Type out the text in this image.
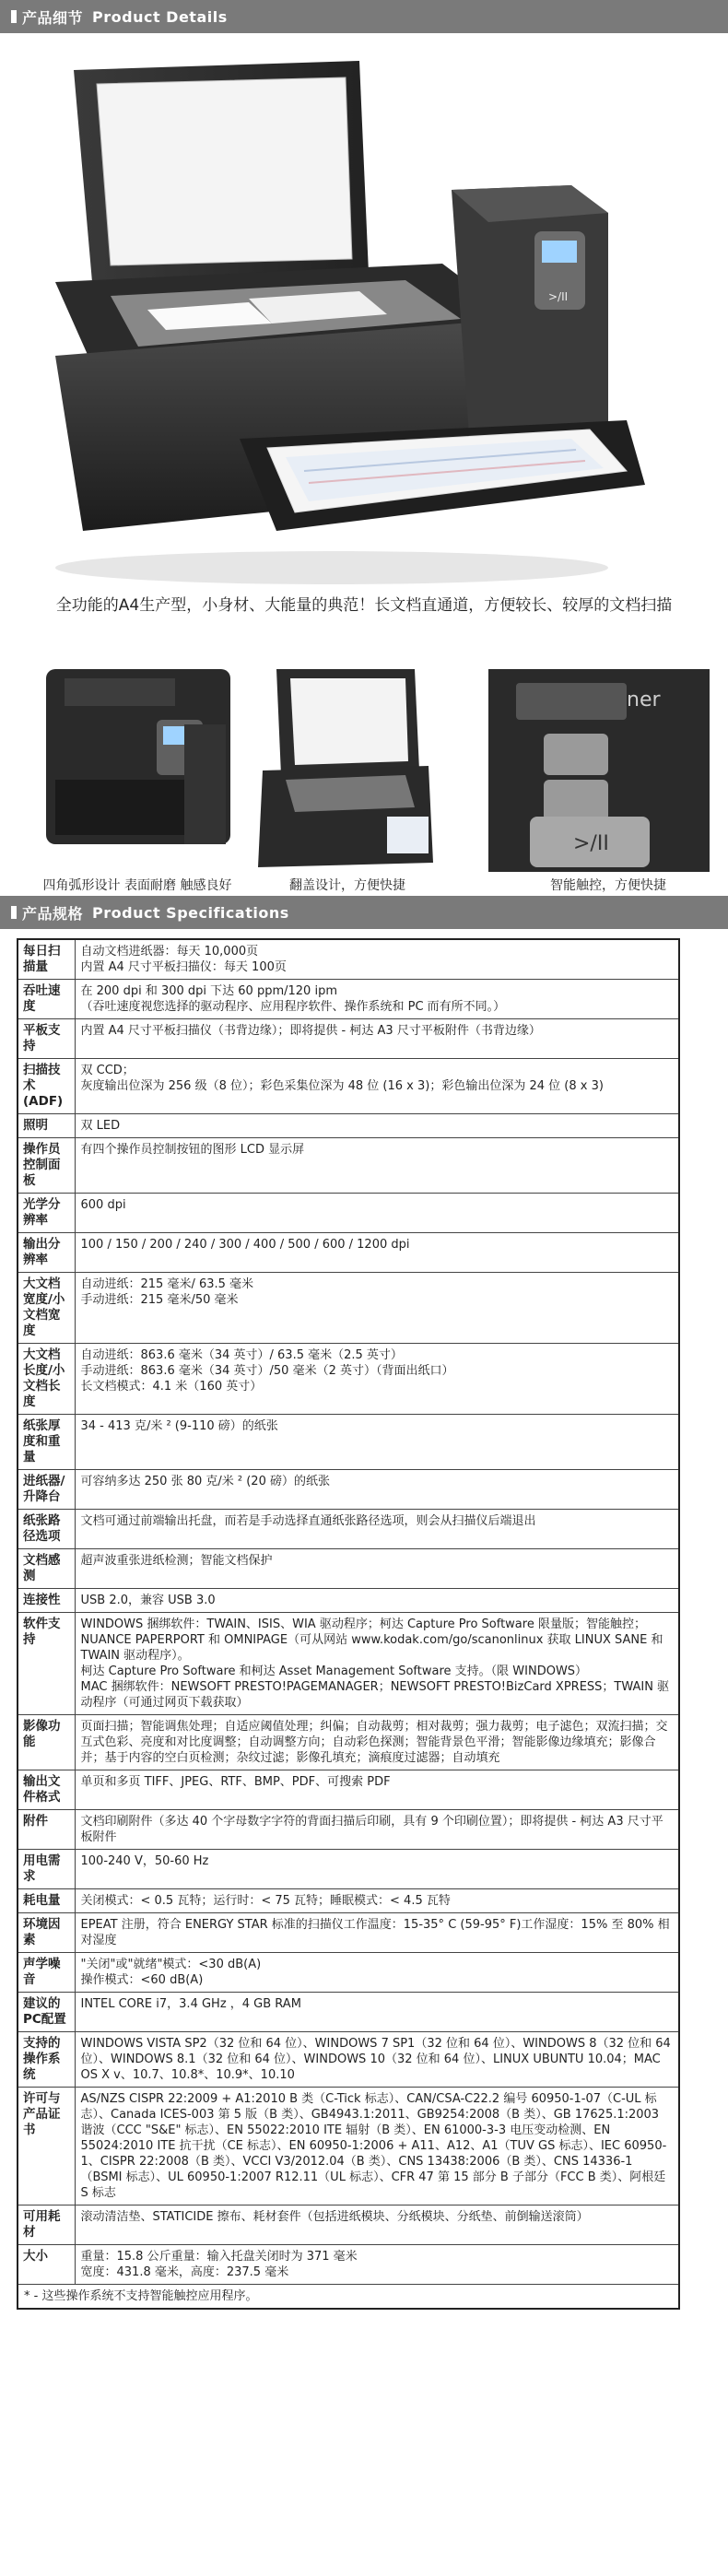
产品细节 Product Details
>/II
全功能的A4生产型，小身材、大能量的典范！长文档直通道，方便较长、较厚的文档扫描
四角弧形设计 表面耐磨 触感良好	翻盖设计，方便快捷
ner
>/II
智能触控，方便快捷
产品规格 Product Specifications
每日扫描量	自动文档进纸器：每天 10,000页
内置 A4 尺寸平板扫描仪：每天 100页

吞吐速度	在 200 dpi 和 300 dpi 下达 60 ppm/120 ipm
（吞吐速度视您选择的驱动程序、应用程序软件、操作系统和 PC 而有所不同。）

平板支持	内置 A4 尺寸平板扫描仪（书背边缘）；即将提供 - 柯达 A3 尺寸平板附件（书背边缘）

扫描技术 (ADF)	双 CCD；
灰度输出位深为 256 级（8 位）；彩色采集位深为 48 位 (16 x 3)；彩色输出位深为 24 位 (8 x 3)

照明	双 LED

操作员控制面板	有四个操作员控制按钮的图形 LCD 显示屏

光学分辨率	600 dpi

输出分辨率	100 / 150 / 200 / 240 / 300 / 400 / 500 / 600 / 1200 dpi

大文档宽度/小文档宽度	自动进纸：215 毫米/ 63.5 毫米
手动进纸：215 毫米/50 毫米

大文档长度/小文档长度	自动进纸：863.6 毫米（34 英寸）/ 63.5 毫米（2.5 英寸）
手动进纸：863.6 毫米（34 英寸）/50 毫米（2 英寸）（背面出纸口）
长文档模式：4.1 米（160 英寸）

纸张厚度和重量	34 - 413 克/米 ² (9-110 磅）的纸张

进纸器/升降台	可容纳多达 250 张 80 克/米 ² (20 磅）的纸张

纸张路径选项	文档可通过前端输出托盘，而若是手动选择直通纸张路径选项，则会从扫描仪后端退出

文档感测	超声波重张进纸检测；智能文档保护

连接性	USB 2.0，兼容 USB 3.0

软件支持	WINDOWS 捆绑软件：TWAIN、ISIS、WIA 驱动程序；柯达 Capture Pro Software 限量版；智能触控；NUANCE PAPERPORT 和 OMNIPAGE（可从网站 www.kodak.com/go/scanonlinux 获取 LINUX SANE 和 TWAIN 驱动程序）。
柯达 Capture Pro Software 和柯达 Asset Management Software 支持。（限 WINDOWS）
MAC 捆绑软件：NEWSOFT PRESTO!PAGEMANAGER；NEWSOFT PRESTO!BizCard XPRESS；TWAIN 驱动程序（可通过网页下载获取）

影像功能	页面扫描；智能调焦处理；自适应阈值处理；纠偏；自动裁剪；相对裁剪；强力裁剪；电子滤色；双流扫描；交互式色彩、亮度和对比度调整；自动调整方向；自动彩色探测；智能背景色平滑；智能影像边缘填充；影像合并；基于内容的空白页检测；杂纹过滤；影像孔填充；滴痕度过滤器；自动填充

输出文件格式	单页和多页 TIFF、JPEG、RTF、BMP、PDF、可搜索 PDF

附件	文档印刷附件（多达 40 个字母数字字符的背面扫描后印刷，具有 9 个印刷位置）；即将提供 - 柯达 A3 尺寸平板附件

用电需求	100-240 V，50-60 Hz

耗电量	关闭模式：< 0.5 瓦特；运行时：< 75 瓦特；睡眠模式：< 4.5 瓦特

环境因素	EPEAT 注册，符合 ENERGY STAR 标准的扫描仪工作温度：15-35° C (59-95° F)工作湿度：15% 至 80% 相对湿度

声学噪音	"关闭"或"就绪"模式：<30 dB(A)
操作模式：<60 dB(A)

建议的PC配置	INTEL CORE i7，3.4 GHz ，4 GB RAM

支持的操作系统	WINDOWS VISTA SP2（32 位和 64 位）、WINDOWS 7 SP1（32 位和 64 位）、WINDOWS 8（32 位和 64 位）、WINDOWS 8.1（32 位和 64 位）、WINDOWS 10（32 位和 64 位）、LINUX UBUNTU 10.04；MAC OS X v、10.7、10.8*、10.9*、10.10

许可与产品证书	AS/NZS CISPR 22:2009 + A1:2010 B 类（C-Tick 标志）、CAN/CSA-C22.2 编号 60950-1-07（C-UL 标志）、Canada ICES-003 第 5 版（B 类）、GB4943.1:2011、GB9254:2008（B 类）、GB 17625.1:2003 谐波（CCC "S&E" 标志）、EN 55022:2010 ITE 辐射（B 类）、EN 61000-3-3 电压变动检测、EN 55024:2010 ITE 抗干扰（CE 标志）、EN 60950-1:2006 + A11、A12、A1（TUV GS 标志）、IEC 60950-1、CISPR 22:2008（B 类）、VCCI V3/2012.04（B 类）、CNS 13438:2006（B 类）、CNS 14336-1（BSMI 标志）、UL 60950-1:2007 R12.11（UL 标志）、CFR 47 第 15 部分 B 子部分（FCC B 类）、阿根廷 S 标志

可用耗材	滚动清洁垫、STATICIDE 擦布、耗材套件（包括进纸模块、分纸模块、分纸垫、前倒输送滚筒）

大小	重量：15.8 公斤重量：输入托盘关闭时为 371 毫米
宽度：431.8 毫米，高度：237.5 毫米

* - 这些操作系统不支持智能触控应用程序。	
